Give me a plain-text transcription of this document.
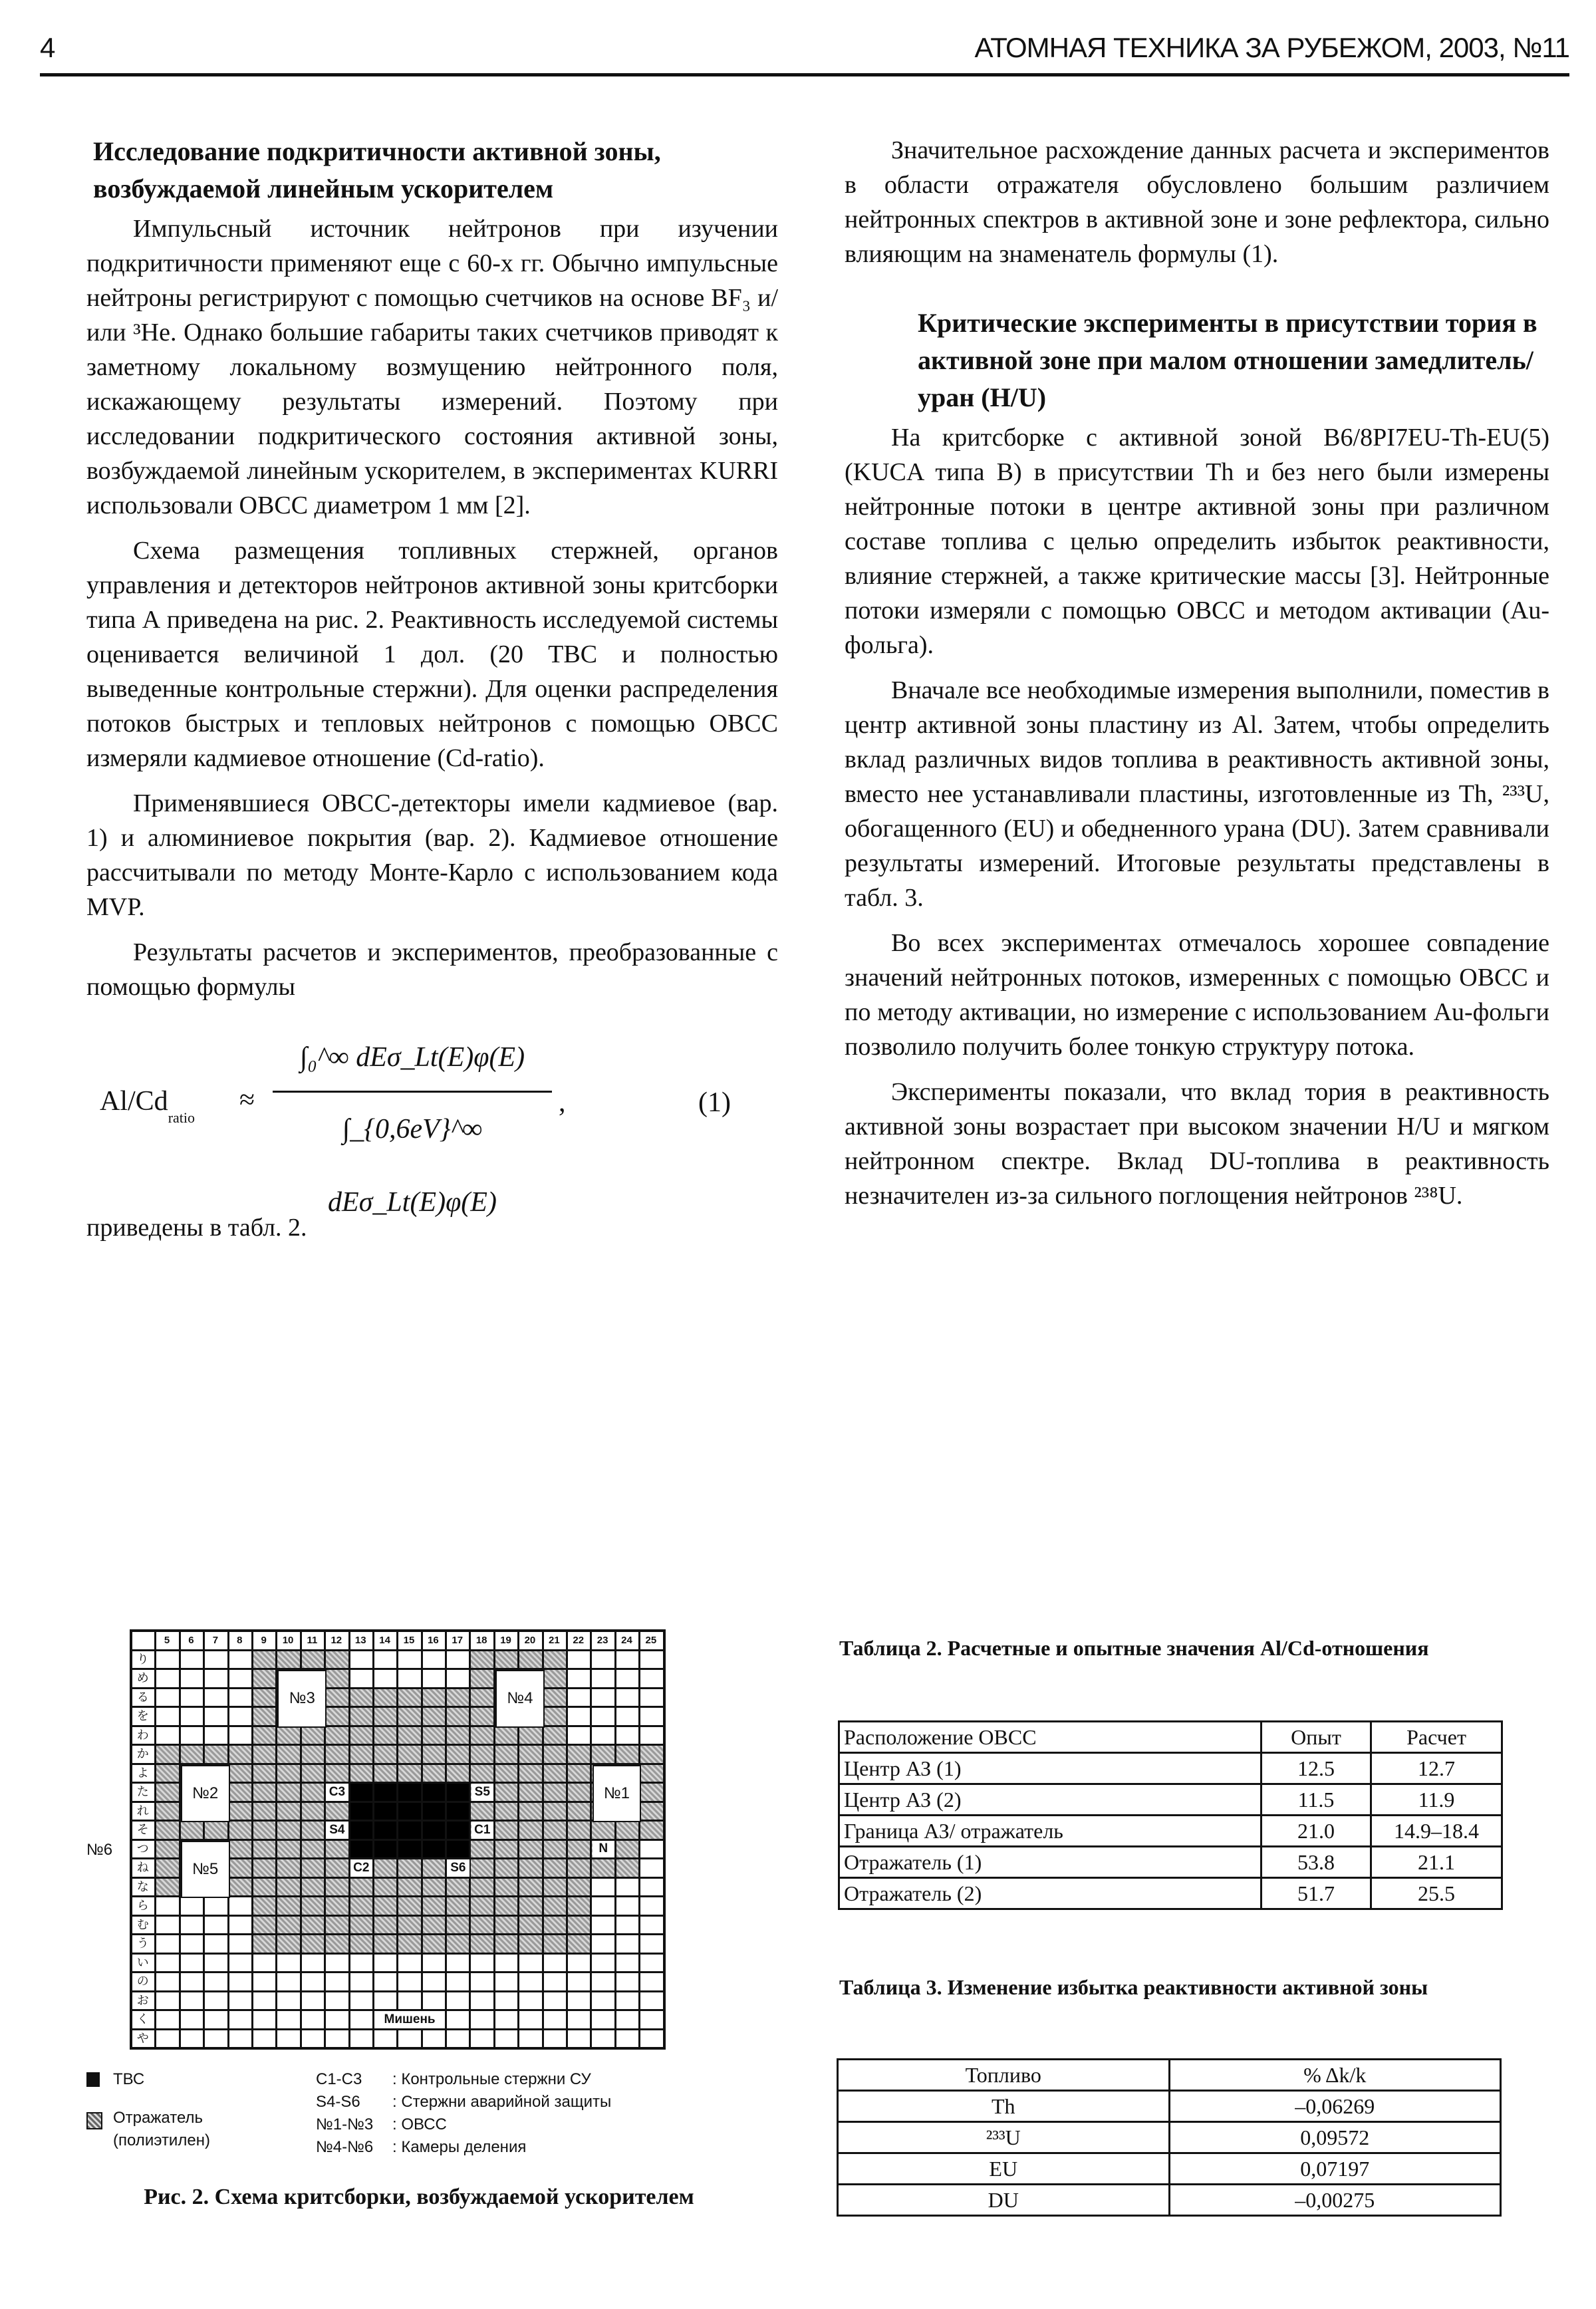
4	АТОМНАЯ ТЕХНИКА ЗА РУБЕЖОМ, 2003, №11
Исследование подкритичности активной зоны, возбуждаемой линейным ускорителем

Импульсный источник нейтронов при изучении подкритичности применяют еще с 60-х гг. Обычно импульсные нейтроны регистрируют с помощью счетчиков на основе BF₃ и/или ³He. Однако большие габариты таких счетчиков приводят к заметному локальному возмущению нейтронного поля, искажающему результаты измерений. Поэтому при исследовании подкритического состояния активной зоны, возбуждаемой линейным ускорителем, в экспериментах KURRI использовали ОВСС диаметром 1 мм [2].

Схема размещения топливных стержней, органов управления и детекторов нейтронов активной зоны критсборки типа А приведена на рис. 2. Реактивность исследуемой системы оценивается величиной 1 дол. (20 ТВС и полностью выведенные контрольные стержни). Для оценки распределения потоков быстрых и тепловых нейтронов с помощью ОВСС измеряли кадмиевое отношение (Cd-ratio).

Применявшиеся ОВСС-детекторы имели кадмиевое (вар. 1) и алюминиевое покрытия (вар. 2). Кадмиевое отношение рассчитывали по методу Монте-Карло с использованием кода MVP.

Результаты расчетов и экспериментов, преобразованные с помощью формулы

$Al/Cd_{ratio}$
≈
∫₀^∞ dEσ_Lt(E)φ(E)
∫_{0,6eV}^∞ dEσ_Lt(E)φ(E)
,	(1)

приведены в табл. 2.

№6
5	6	7	8	9	10	11	12	13	14	15	16	17	18	19	20	21	22	23	24	25
り
め
る
を
わ
か
よ
た
れ
そ
つ
ね
な
ら
む
う
い
の
お
く
や
№3	№4
№2	№1
№5
C3
S4
S5
C1
C2	S6
N
Мишень
ТВС
Отражатель (полиэтилен)
C1-C3 : Контрольные стержни СУ
S4-S6 : Стержни аварийной защиты
№1-№3 : ОВСС
№4-№6 : Камеры деления
Рис. 2. Схема критсборки, возбуждаемой ускорителем

Значительное расхождение данных расчета и экспериментов в области отражателя обусловлено большим различием нейтронных спектров в активной зоне и зоне рефлектора, сильно влияющим на знаменатель формулы (1).

Критические эксперименты в присутствии тория в активной зоне при малом отношении замедлитель/уран (H/U)

На критсборке с активной зоной B6/8PI7EU-Th-EU(5) (KUCA типа B) в присутствии Th и без него были измерены нейтронные потоки в центре активной зоны при различном составе топлива с целью определить избыток реактивности, влияние стержней, а также критические массы [3]. Нейтронные потоки измеряли с помощью ОВСС и методом активации (Au-фольга).

Вначале все необходимые измерения выполнили, поместив в центр активной зоны пластину из Al. Затем, чтобы определить вклад различных видов топлива в реактивность активной зоны, вместо нее устанавливали пластины, изготовленные из Th, ²³³U, обогащенного (EU) и обедненного урана (DU). Затем сравнивали результаты измерений. Итоговые результаты представлены в табл. 3.

Во всех экспериментах отмечалось хорошее совпадение значений нейтронных потоков, измеренных с помощью ОВСС и по методу активации, но измерение с использованием Au-фольги позволило получить более тонкую структуру потока.

Эксперименты показали, что вклад тория в реактивность активной зоны возрастает при высоком значении H/U и мягком нейтронном спектре. Вклад DU-топлива в реактивность незначителен из-за сильного поглощения нейтронов ²³⁸U.

Таблица 2. Расчетные и опытные значения Al/Cd-отношения
Расположение ОВСС	Опыт	Расчет
Центр АЗ (1)	12.5	12.7
Центр АЗ (2)	11.5	11.9
Граница АЗ/ отражатель	21.0	14.9–18.4
Отражатель (1)	53.8	21.1
Отражатель (2)	51.7	25.5
Таблица 3. Изменение избытка реактивности активной зоны
Топливо	% Δk/k
Th	–0,06269
²³³U	0,09572
EU	0,07197
DU	–0,00275
